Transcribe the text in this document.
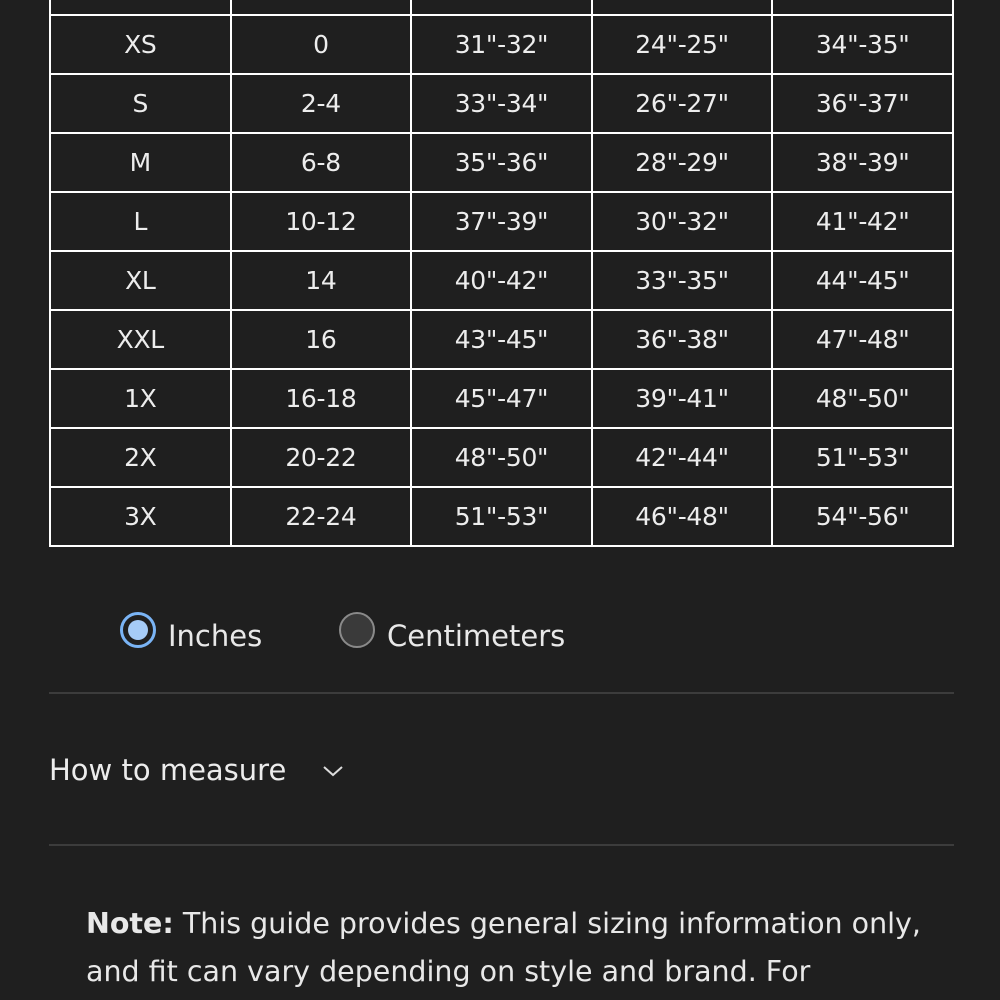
XS	0	31"-32"	24"-25"	34"-35"
S	2-4	33"-34"	26"-27"	36"-37"
M	6-8	35"-36"	28"-29"	38"-39"
L	10-12	37"-39"	30"-32"	41"-42"
XL	14	40"-42"	33"-35"	44"-45"
XXL	16	43"-45"	36"-38"	47"-48"
1X	16-18	45"-47"	39"-41"	48"-50"
2X	20-22	48"-50"	42"-44"	51"-53"
3X	22-24	51"-53"	46"-48"	54"-56"
Inches	Centimeters
How to measure
Note: This guide provides general sizing information only, and fit can vary depending on style and brand. For
